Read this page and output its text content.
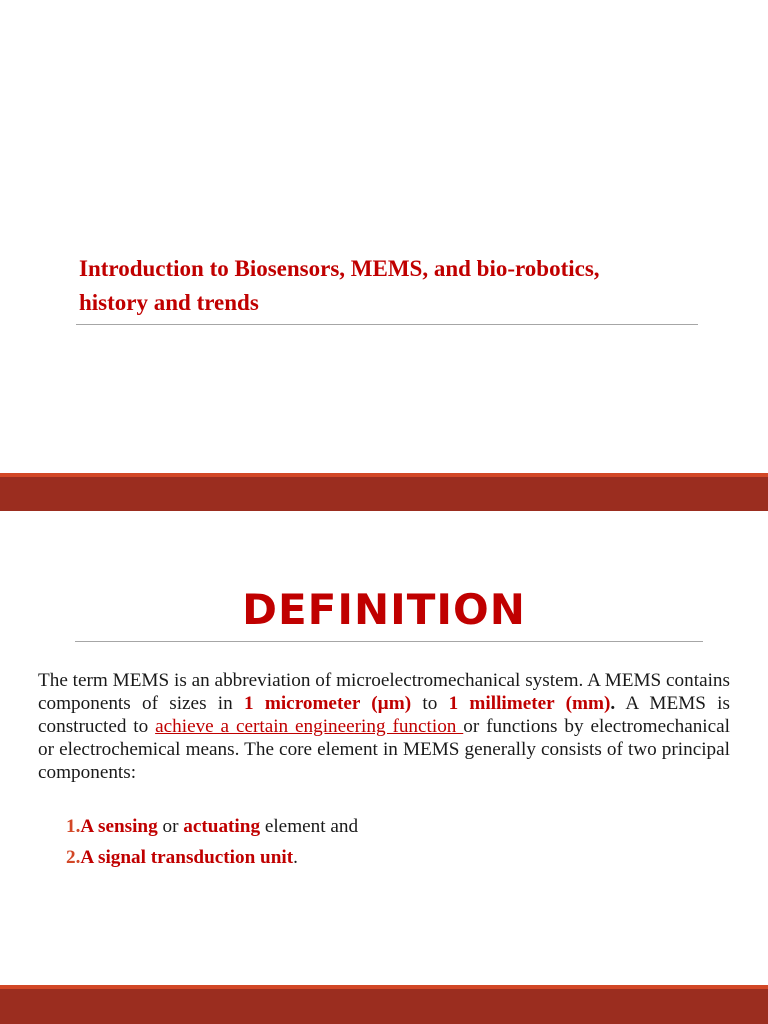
Introduction to Biosensors, MEMS, and bio-robotics,
history and trends
DEFINITION
The term MEMS is an abbreviation of microelectromechanical system. A MEMS contains components of sizes in 1 micrometer (µm) to 1 millimeter (mm). A MEMS is constructed to achieve a certain engineering function or functions by electromechanical or electrochemical means. The core element in MEMS generally consists of two principal components:
1.A sensing or actuating element and
2.A signal transduction unit.
